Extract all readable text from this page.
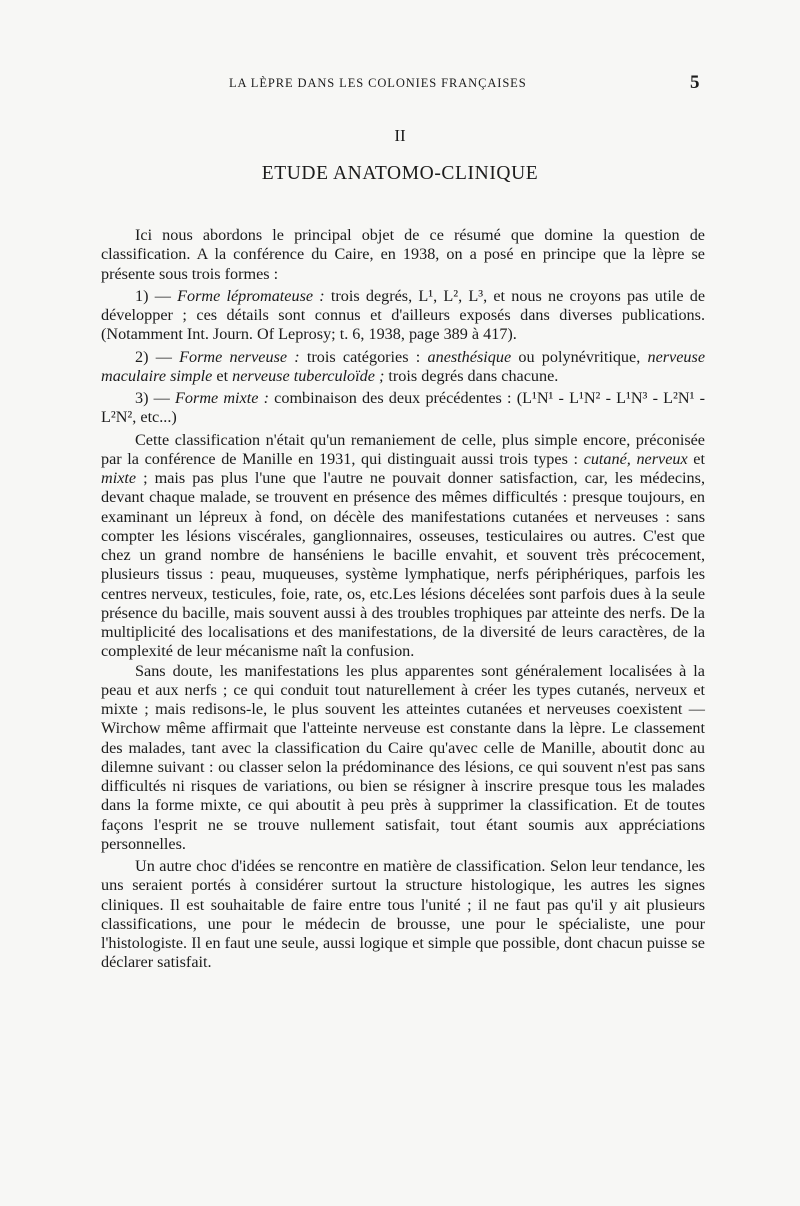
LA LÈPRE DANS LES COLONIES FRANÇAISES	5
II
ETUDE ANATOMO-CLINIQUE

Ici nous abordons le principal objet de ce résumé que domine la question de classification. A la conférence du Caire, en 1938, on a posé en principe que la lèpre se présente sous trois formes :

1) — Forme lépromateuse : trois degrés, L¹, L², L³, et nous ne croyons pas utile de développer ; ces détails sont connus et d'ailleurs exposés dans diverses publications. (Notamment Int. Journ. Of Leprosy; t. 6, 1938, page 389 à 417).

2) — Forme nerveuse : trois catégories : anesthésique ou polynévritique, nerveuse maculaire simple et nerveuse tuberculoïde ; trois degrés dans chacune.

3) — Forme mixte : combinaison des deux précédentes : (L¹N¹ - L¹N² - L¹N³ - L²N¹ - L²N², etc...)

Cette classification n'était qu'un remaniement de celle, plus simple encore, préconisée par la conférence de Manille en 1931, qui distinguait aussi trois types : cutané, nerveux et mixte ; mais pas plus l'une que l'autre ne pouvait donner satisfaction, car, les médecins, devant chaque malade, se trouvent en présence des mêmes difficultés : presque toujours, en examinant un lépreux à fond, on décèle des manifestations cutanées et nerveuses : sans compter les lésions viscérales, ganglionnaires, osseuses, testiculaires ou autres. C'est que chez un grand nombre de hanséniens le bacille envahit, et souvent très précocement, plusieurs tissus : peau, muqueuses, système lymphatique, nerfs périphériques, parfois les centres nerveux, testicules, foie, rate, os, etc.Les lésions décelées sont parfois dues à la seule présence du bacille, mais souvent aussi à des troubles trophiques par atteinte des nerfs. De la multiplicité des localisations et des manifestations, de la diversité de leurs caractères, de la complexité de leur mécanisme naît la confusion.

Sans doute, les manifestations les plus apparentes sont généralement localisées à la peau et aux nerfs ; ce qui conduit tout naturellement à créer les types cutanés, nerveux et mixte ; mais redisons-le, le plus souvent les atteintes cutanées et nerveuses coexistent — Wirchow même affirmait que l'atteinte nerveuse est constante dans la lèpre. Le classement des malades, tant avec la classification du Caire qu'avec celle de Manille, aboutit donc au dilemne suivant : ou classer selon la prédominance des lésions, ce qui souvent n'est pas sans difficultés ni risques de variations, ou bien se résigner à inscrire presque tous les malades dans la forme mixte, ce qui aboutit à peu près à supprimer la classification. Et de toutes façons l'esprit ne se trouve nullement satisfait, tout étant soumis aux appréciations personnelles.

Un autre choc d'idées se rencontre en matière de classification. Selon leur tendance, les uns seraient portés à considérer surtout la structure histologique, les autres les signes cliniques. Il est souhaitable de faire entre tous l'unité ; il ne faut pas qu'il y ait plusieurs classifications, une pour le médecin de brousse, une pour le spécialiste, une pour l'histologiste. Il en faut une seule, aussi logique et simple que possible, dont chacun puisse se déclarer satisfait.
